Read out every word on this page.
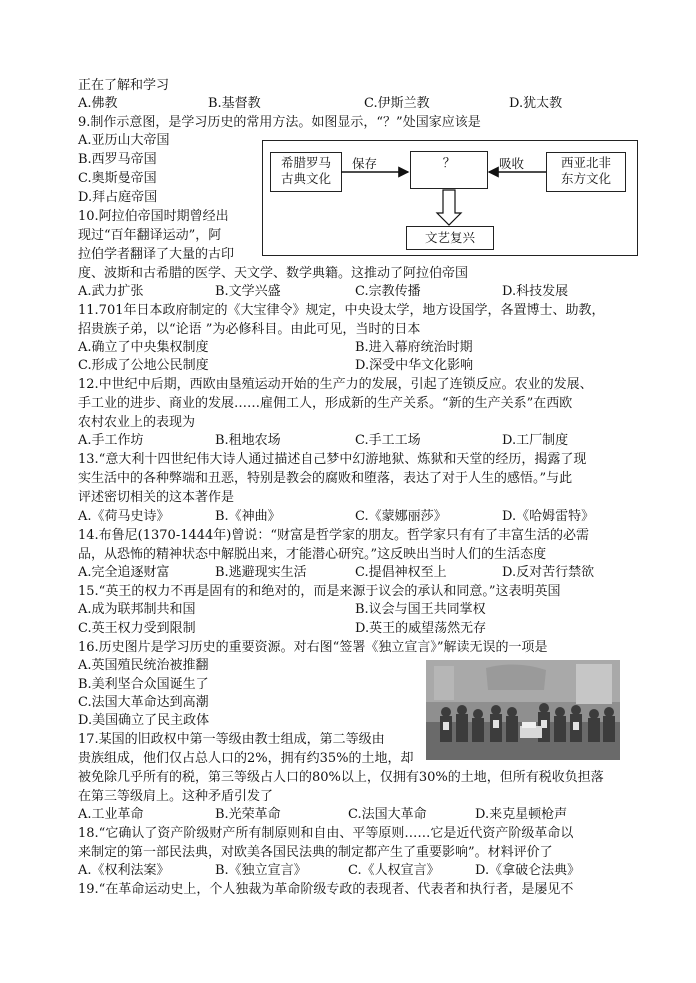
正在了解和学习
A.佛教	B.基督教	C.伊斯兰教	D.犹太教
9.制作示意图，是学习历史的常用方法。如图显示，“？”处国家应该是
A.亚历山大帝国
B.西罗马帝国
C.奥斯曼帝国
D.拜占庭帝国
希腊罗马
古典文化
？	西亚北非
东方文化
文艺复兴
保存	吸收
10.阿拉伯帝国时期曾经出
现过“百年翻译运动”，阿
拉伯学者翻译了大量的古印
度、波斯和古希腊的医学、天文学、数学典籍。这推动了阿拉伯帝国
A.武力扩张	B.文学兴盛	C.宗教传播	D.科技发展
11.701年日本政府制定的《大宝律令》规定，中央设太学，地方设国学，各置博士、助教，
招贵族子弟，以“论语 ”为必修科目。由此可见，当时的日本
A.确立了中央集权制度	B.进入幕府统治时期
C.形成了公地公民制度	D.深受中华文化影响
12.中世纪中后期，西欧由垦殖运动开始的生产力的发展，引起了连锁反应。农业的发展、
手工业的进步、商业的发展……雇佣工人，形成新的生产关系。“新的生产关系”在西欧
农村农业上的表现为
A.手工作坊	B.租地农场	C.手工工场	D.工厂制度
13.“意大利十四世纪伟大诗人通过描述自己梦中幻游地狱、炼狱和天堂的经历，揭露了现
实生活中的各种弊端和丑恶，特别是教会的腐败和堕落，表达了对于人生的感悟。”与此
评述密切相关的这本著作是
A.《荷马史诗》	B.《神曲》	C.《蒙娜丽莎》	D.《哈姆雷特》
14.布鲁尼(1370-1444年)曾说：“财富是哲学家的朋友。哲学家只有有了丰富生活的必需
品，从恐怖的精神状态中解脱出来，才能潜心研究。”这反映出当时人们的生活态度
A.完全追逐财富	B.逃避现实生活	C.提倡神权至上	D.反对苦行禁欲
15.“英王的权力不再是固有的和绝对的，而是来源于议会的承认和同意。”这表明英国
A.成为联邦制共和国	B.议会与国王共同掌权
C.英王权力受到限制	D.英王的威望荡然无存
16.历史图片是学习历史的重要资源。对右图“签署《独立宣言》”解读无误的一项是
A.英国殖民统治被推翻
B.美利坚合众国诞生了
C.法国大革命达到高潮
D.美国确立了民主政体
17.某国的旧政权中第一等级由教士组成，第二等级由
贵族组成，他们仅占总人口的2%，拥有约35%的土地，却
被免除几乎所有的税，第三等级占人口的80%以上，仅拥有30%的土地，但所有税收负担落
在第三等级肩上。这种矛盾引发了
A.工业革命	B.光荣革命	C.法国大革命	D.来克星顿枪声
18.“它确认了资产阶级财产所有制原则和自由、平等原则……它是近代资产阶级革命以
来制定的第一部民法典，对欧美各国民法典的制定都产生了重要影响”。材料评价了
A.《权利法案》	B.《独立宣言》	C.《人权宣言》	D.《拿破仑法典》
19.“在革命运动史上，个人独裁为革命阶级专政的表现者、代表者和执行者，是屡见不
